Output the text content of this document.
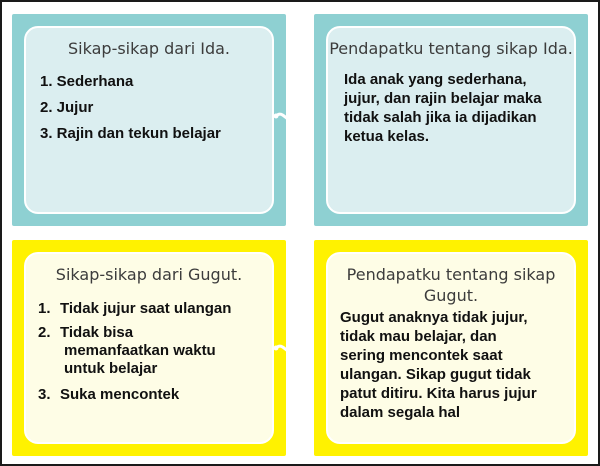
Sikap-sikap dari Ida.
1. Sederhana
2. Jujur
3. Rajin dan tekun belajar
Pendapatku tentang sikap Ida.
Ida anak yang sederhana,
jujur, dan rajin belajar maka
tidak salah jika ia dijadikan
ketua kelas.
Sikap-sikap dari Gugut.
1. Tidak jujur saat ulangan
2. Tidak bisa
memanfaatkan waktu
untuk belajar
3. Suka mencontek
Pendapatku tentang sikap
Gugut.
Gugut anaknya tidak jujur,
tidak mau belajar, dan
sering mencontek saat
ulangan. Sikap gugut tidak
patut ditiru. Kita harus jujur
dalam segala hal
